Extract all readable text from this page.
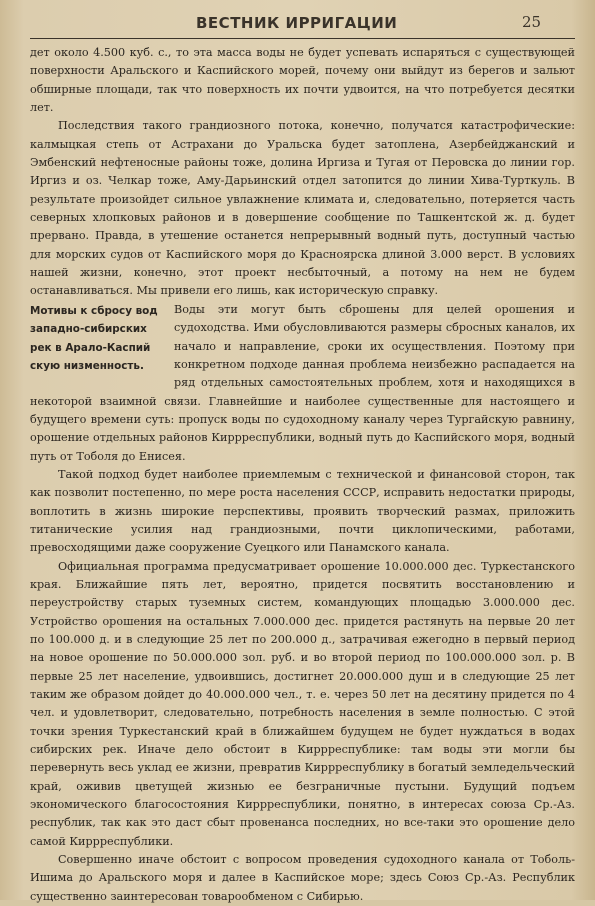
ВЕСТНИК ИРРИГАЦИИ	25

дет около 4.500 куб. с., то эта масса воды не будет успевать испаряться с существующей поверхности Аральского и Каспийского морей, почему они выйдут из берегов и зальют обширные площади, так что поверхность их почти удвоится, на что потребуется десятки лет.

Последствия такого грандиозного потока, конечно, получатся катастрофические: калмыцкая степь от Астрахани до Уральска будет затоплена, Азербейджанский и Эмбенский нефтеносные районы тоже, долина Иргиза и Тугая от Перовска до линии гор. Иргиз и оз. Челкар тоже, Аму-Дарьинский отдел затопится до линии Хива-Турткуль. В результате произойдет сильное увлажнение климата и, следовательно, потеряется часть северных хлопковых районов и в довершение сообщение по Ташкентской ж. д. будет прервано. Правда, в утешение останется непрерывный водный путь, доступный частью для морских судов от Каспийского моря до Красноярска длиной 3.000 верст. В условиях нашей жизни, конечно, этот проект несбыточный, а потому на нем не будем останавливаться. Мы привели его лишь, как историческую справку.

Мотивы к сбросу вод западно-сибирских рек в Арало-Каспий скую низменность.

Воды эти могут быть сброшены для целей орошения и судоходства. Ими обусловливаются размеры сбросных каналов, их начало и направление, сроки их осуществления. Поэтому при конкретном подходе данная проблема неизбежно распадается на ряд отдельных самостоятельных проблем, хотя и находящихся в некоторой взаимной связи. Главнейшие и наиболее существенные для настоящего и будущего времени суть: пропуск воды по судоходному каналу через Тургайскую равнину, орошение отдельных районов Киррреспублики, водный путь до Каспийского моря, водный путь от Тоболя до Енисея.

Такой подход будет наиболее приемлемым с технической и финансовой сторон, так как позволит постепенно, по мере роста населения СССР, исправить недостатки природы, воплотить в жизнь широкие перспективы, проявить творческий размах, приложить титанические усилия над грандиозными, почти циклопическими, работами, превосходящими даже сооружение Суецкого или Панамского канала.

Официальная программа предусматривает орошение 10.000.000 дес. Туркестанского края. Ближайшие пять лет, вероятно, придется посвятить восстановлению и переустройству старых туземных систем, командующих площадью 3.000.000 дес. Устройство орошения на остальных 7.000.000 дес. придется растянуть на первые 20 лет по 100.000 д. и в следующие 25 лет по 200.000 д., затрачивая ежегодно в первый период на новое орошение по 50.000.000 зол. руб. и во второй период по 100.000.000 зол. р. В первые 25 лет население, удвоившись, достигнет 20.000.000 душ и в следующие 25 лет таким же образом дойдет до 40.000.000 чел., т. е. через 50 лет на десятину придется по 4 чел. и удовлетворит, следовательно, потребность населения в земле полностью. С этой точки зрения Туркестанский край в ближайшем будущем не будет нуждаться в водах сибирских рек. Иначе дело обстоит в Киррреспублике: там воды эти могли бы перевернуть весь уклад ее жизни, превратив Киррреспублику в богатый земледельческий край, оживив цветущей жизнью ее безграничные пустыни. Будущий подъем экономического благосостояния Киррреспублики, понятно, в интересах союза Ср.-Аз. республик, так как это даст сбыт провенанса последних, но все-таки это орошение дело самой Киррреспублики.

Совершенно иначе обстоит с вопросом проведения судоходного канала от Тоболь-Ишима до Аральского моря и далее в Каспийское море; здесь Союз Ср.-Аз. Республик существенно заинтересован товарообменом с Сибирью.
